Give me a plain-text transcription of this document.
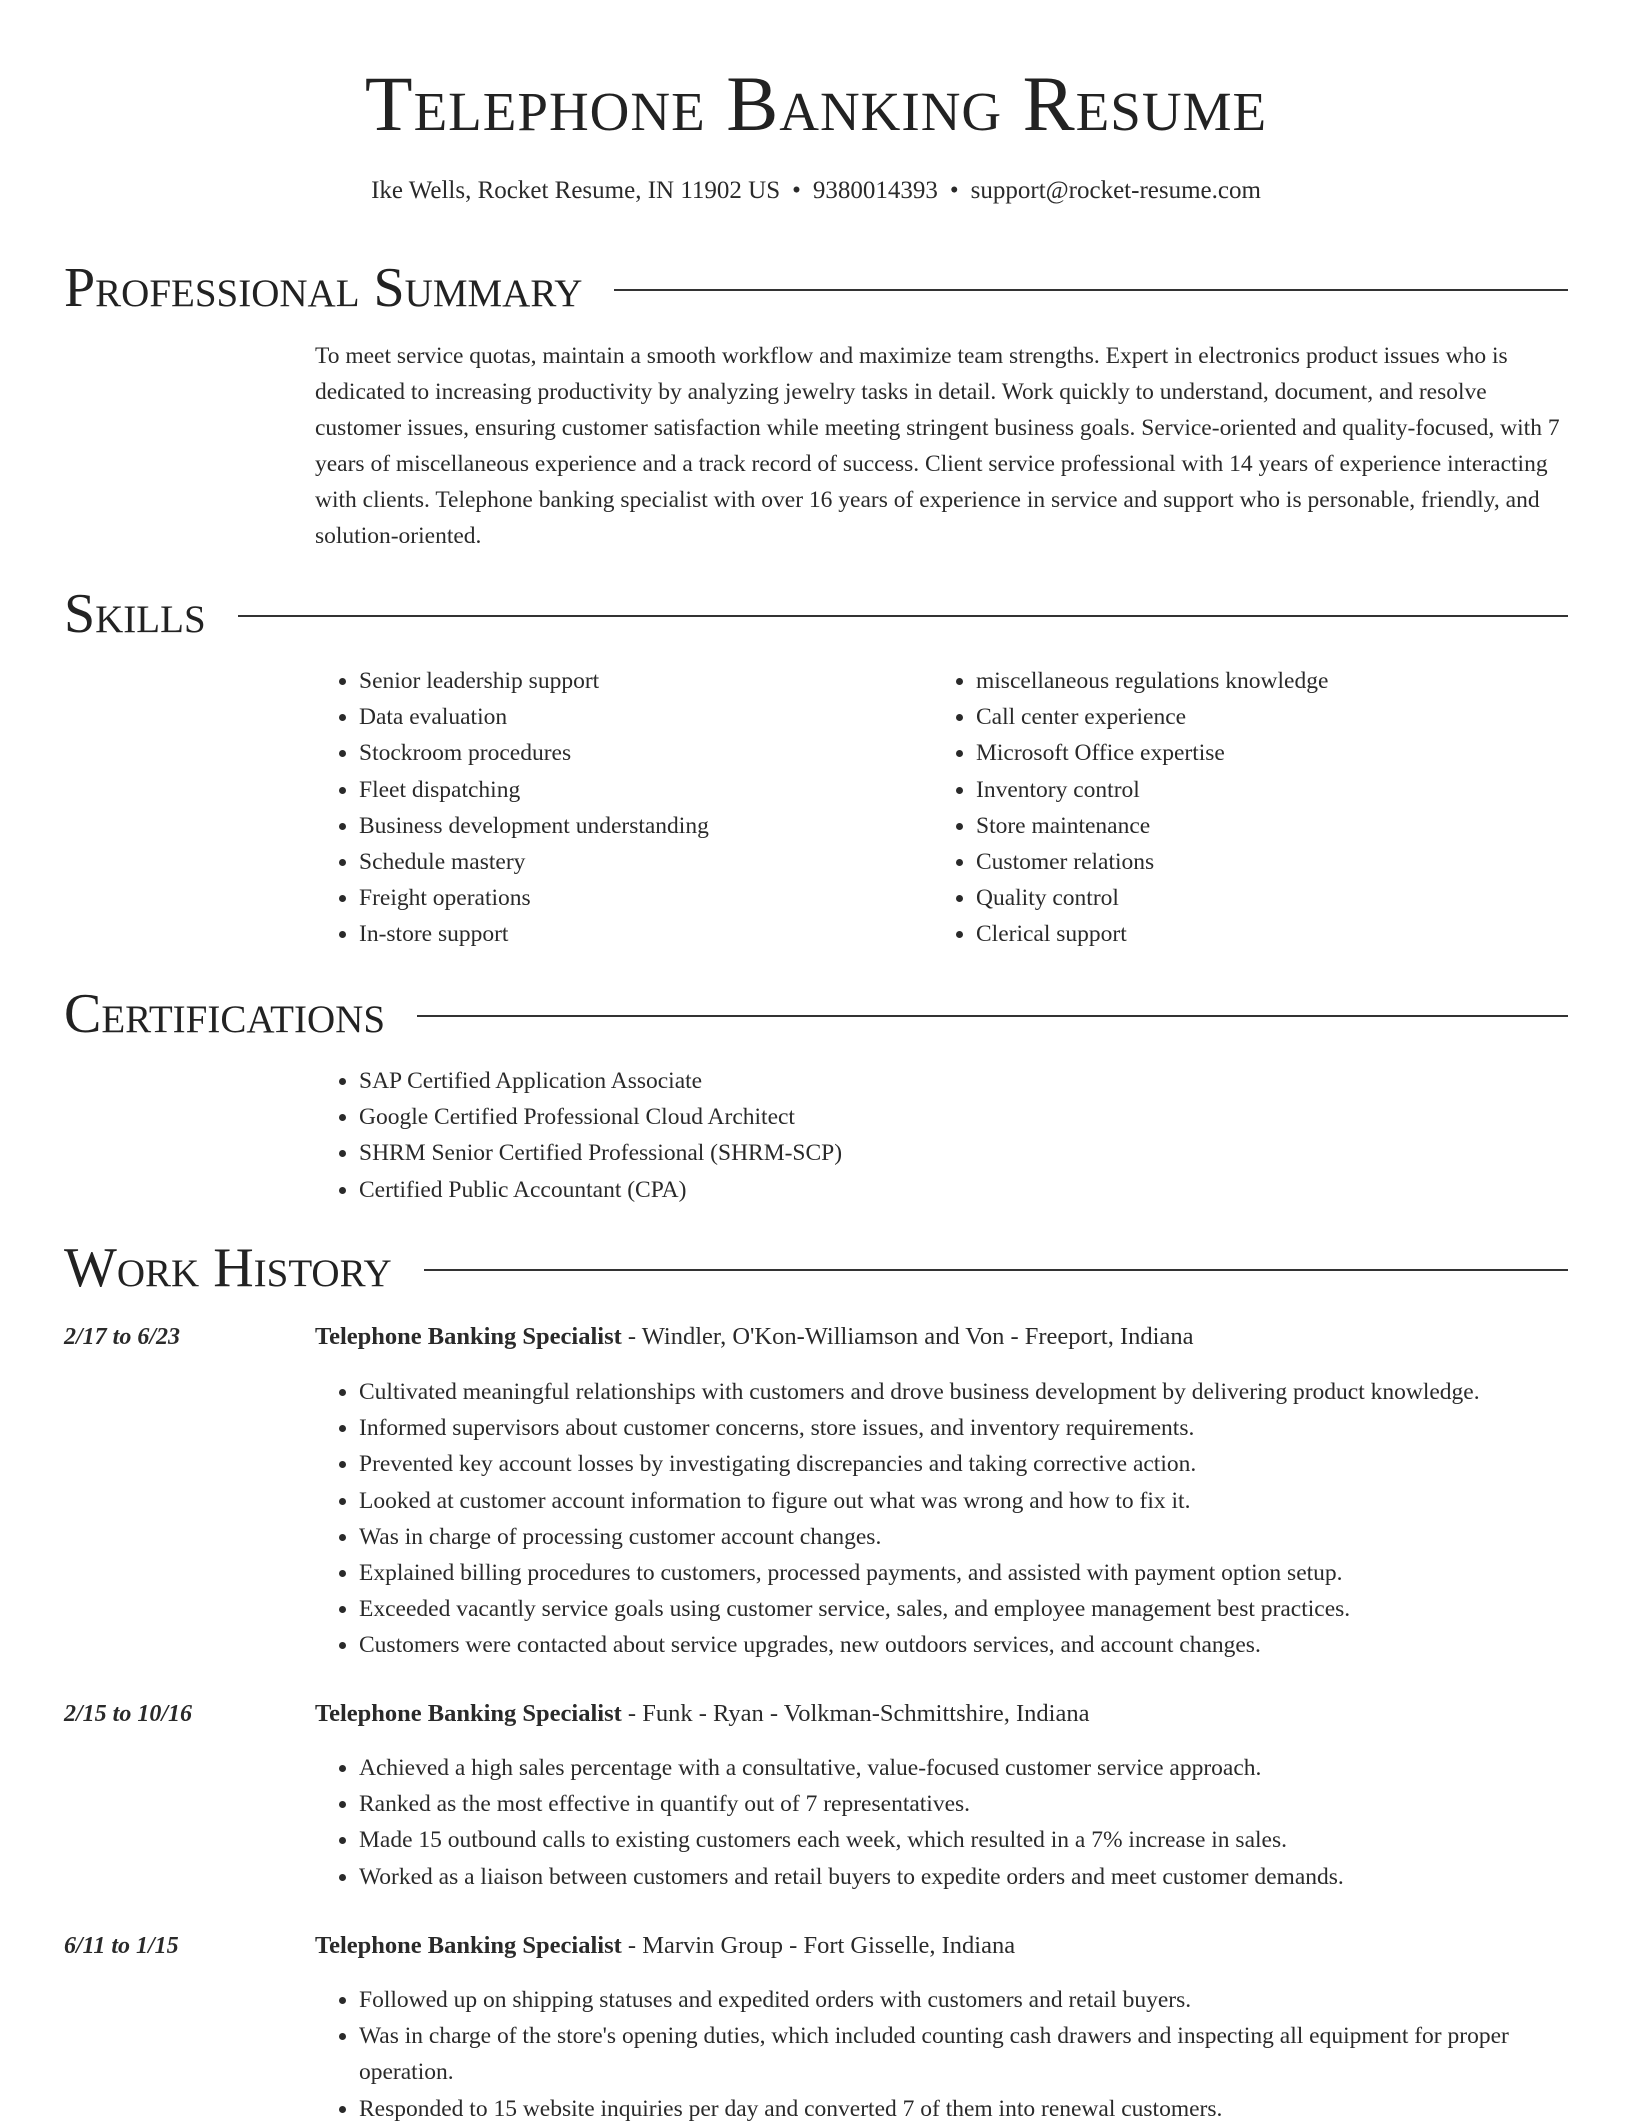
Telephone Banking Resume
Ike Wells, Rocket Resume, IN 11902 US • 9380014393 • support@rocket-resume.com
Professional Summary

To meet service quotas, maintain a smooth workflow and maximize team strengths. Expert in electronics product issues who is dedicated to increasing productivity by analyzing jewelry tasks in detail. Work quickly to understand, document, and resolve customer issues, ensuring customer satisfaction while meeting stringent business goals. Service-oriented and quality-focused, with 7 years of miscellaneous experience and a track record of success. Client service professional with 14 years of experience interacting with clients. Telephone banking specialist with over 16 years of experience in service and support who is personable, friendly, and solution-oriented.

Skills
• Senior leadership support
• Data evaluation
• Stockroom procedures
• Fleet dispatching
• Business development understanding
• Schedule mastery
• Freight operations
• In-store support
• miscellaneous regulations knowledge
• Call center experience
• Microsoft Office expertise
• Inventory control
• Store maintenance
• Customer relations
• Quality control
• Clerical support
Certifications
• SAP Certified Application Associate
• Google Certified Professional Cloud Architect
• SHRM Senior Certified Professional (SHRM-SCP)
• Certified Public Accountant (CPA)
Work History
2/17 to 6/23	Telephone Banking Specialist - Windler, O'Kon-Williamson and Von - Freeport, Indiana
• Cultivated meaningful relationships with customers and drove business development by delivering product knowledge.
• Informed supervisors about customer concerns, store issues, and inventory requirements.
• Prevented key account losses by investigating discrepancies and taking corrective action.
• Looked at customer account information to figure out what was wrong and how to fix it.
• Was in charge of processing customer account changes.
• Explained billing procedures to customers, processed payments, and assisted with payment option setup.
• Exceeded vacantly service goals using customer service, sales, and employee management best practices.
• Customers were contacted about service upgrades, new outdoors services, and account changes.
2/15 to 10/16	Telephone Banking Specialist - Funk - Ryan - Volkman-Schmittshire, Indiana
• Achieved a high sales percentage with a consultative, value-focused customer service approach.
• Ranked as the most effective in quantify out of 7 representatives.
• Made 15 outbound calls to existing customers each week, which resulted in a 7% increase in sales.
• Worked as a liaison between customers and retail buyers to expedite orders and meet customer demands.
6/11 to 1/15	Telephone Banking Specialist - Marvin Group - Fort Gisselle, Indiana
• Followed up on shipping statuses and expedited orders with customers and retail buyers.
• Was in charge of the store's opening duties, which included counting cash drawers and inspecting all equipment for proper operation.
• Responded to 15 website inquiries per day and converted 7 of them into renewal customers.
